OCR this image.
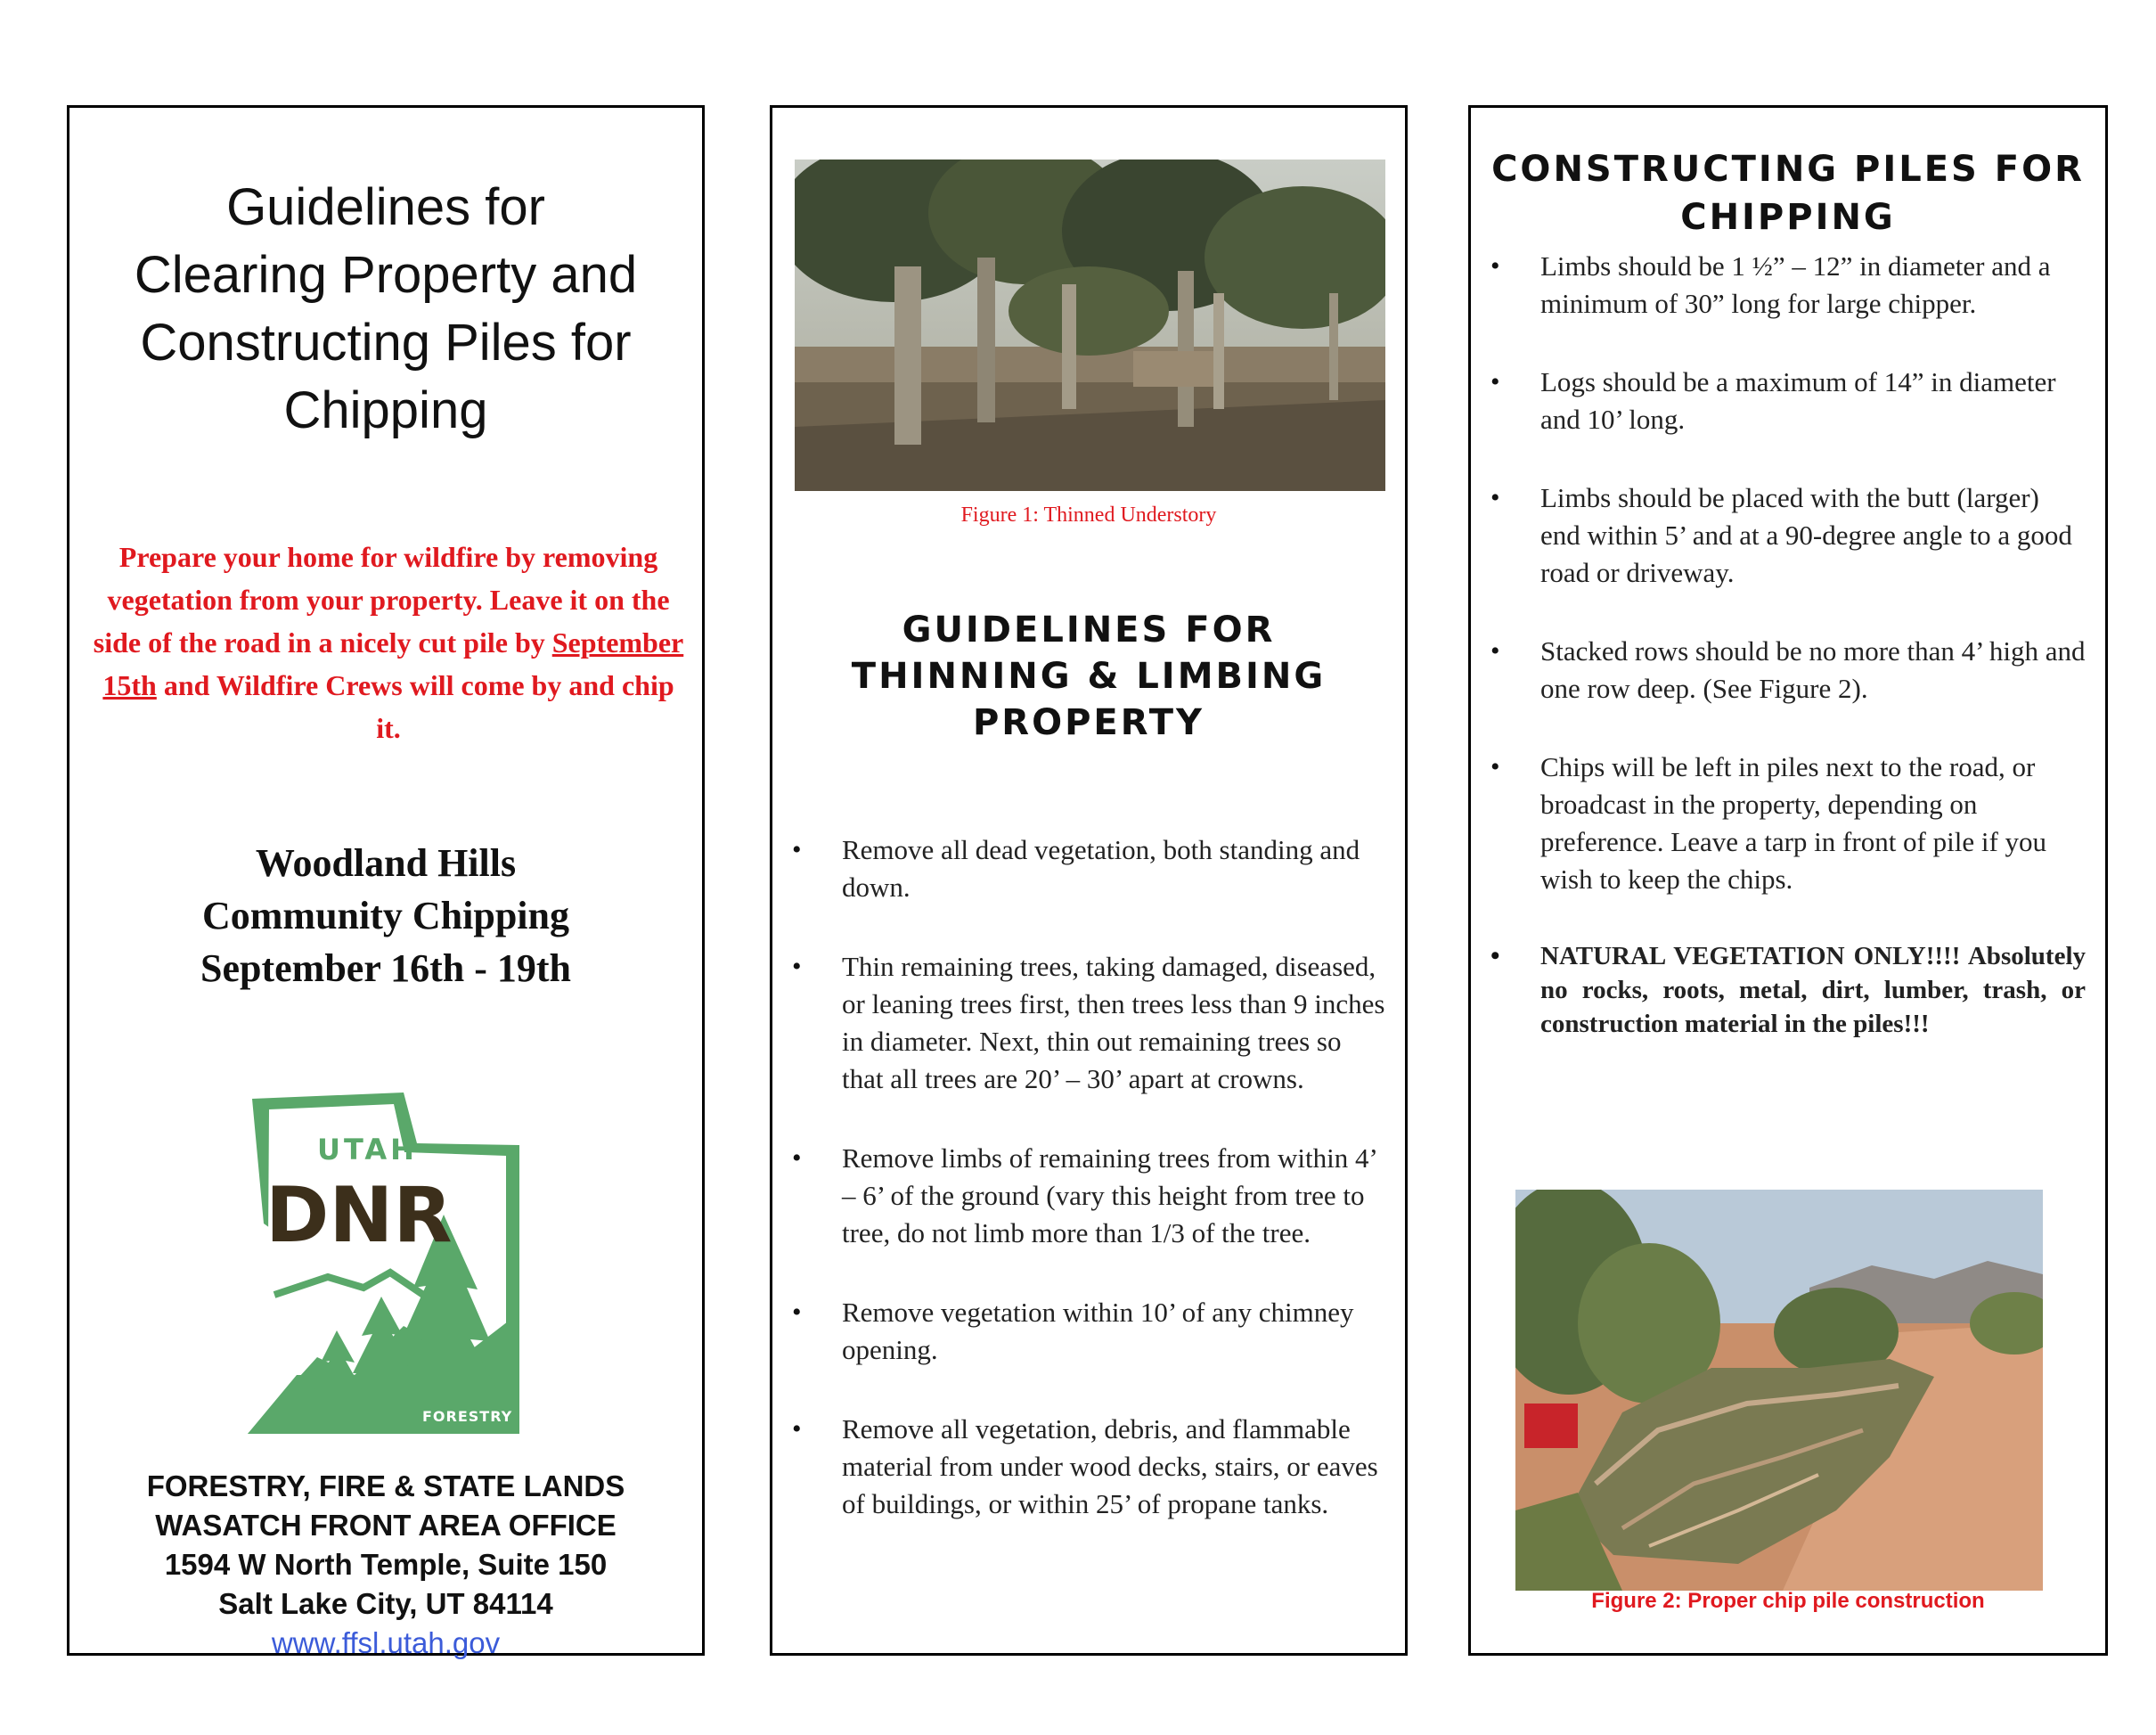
Guidelines for
Clearing Property and
Constructing Piles for
Chipping
Prepare your home for wildfire by removing vegetation from your property. Leave it on the side of the road in a nicely cut pile by September 15th and Wildfire Crews will come by and chip it.
Woodland Hills
Community Chipping
September 16th - 19th
UTAH
DNR
FORESTRY
FORESTRY, FIRE & STATE LANDS
WASATCH FRONT AREA OFFICE
1594 W North Temple, Suite 150
Salt Lake City, UT 84114
www.ffsl.utah.gov
Figure 1: Thinned Understory
GUIDELINES FOR
THINNING & LIMBING
PROPERTY
• Remove all dead vegetation, both standing and down.
• Thin remaining trees, taking damaged, diseased, or leaning trees first, then trees less than 9 inches in diameter. Next, thin out remaining trees so that all trees are 20’ – 30’ apart at crowns.
• Remove limbs of remaining trees from within 4’ – 6’ of the ground (vary this height from tree to tree, do not limb more than 1/3 of the tree.
• Remove vegetation within 10’ of any chimney opening.
• Remove all vegetation, debris, and flammable material from under wood decks, stairs, or eaves of buildings, or within 25’ of propane tanks.
CONSTRUCTING PILES FOR
CHIPPING
• Limbs should be 1 ½” – 12” in diameter and a minimum of 30” long for large chipper.
• Logs should be a maximum of 14” in diameter and 10’ long.
• Limbs should be placed with the butt (larger) end within 5’ and at a 90-degree angle to a good road or driveway.
• Stacked rows should be no more than 4’ high and one row deep. (See Figure 2).
• Chips will be left in piles next to the road, or broadcast in the property, depending on preference. Leave a tarp in front of pile if you wish to keep the chips.
• NATURAL VEGETATION ONLY!!!! Absolutely no rocks, roots, metal, dirt, lumber, trash, or construction material in the piles!!!
Figure 2: Proper chip pile construction
